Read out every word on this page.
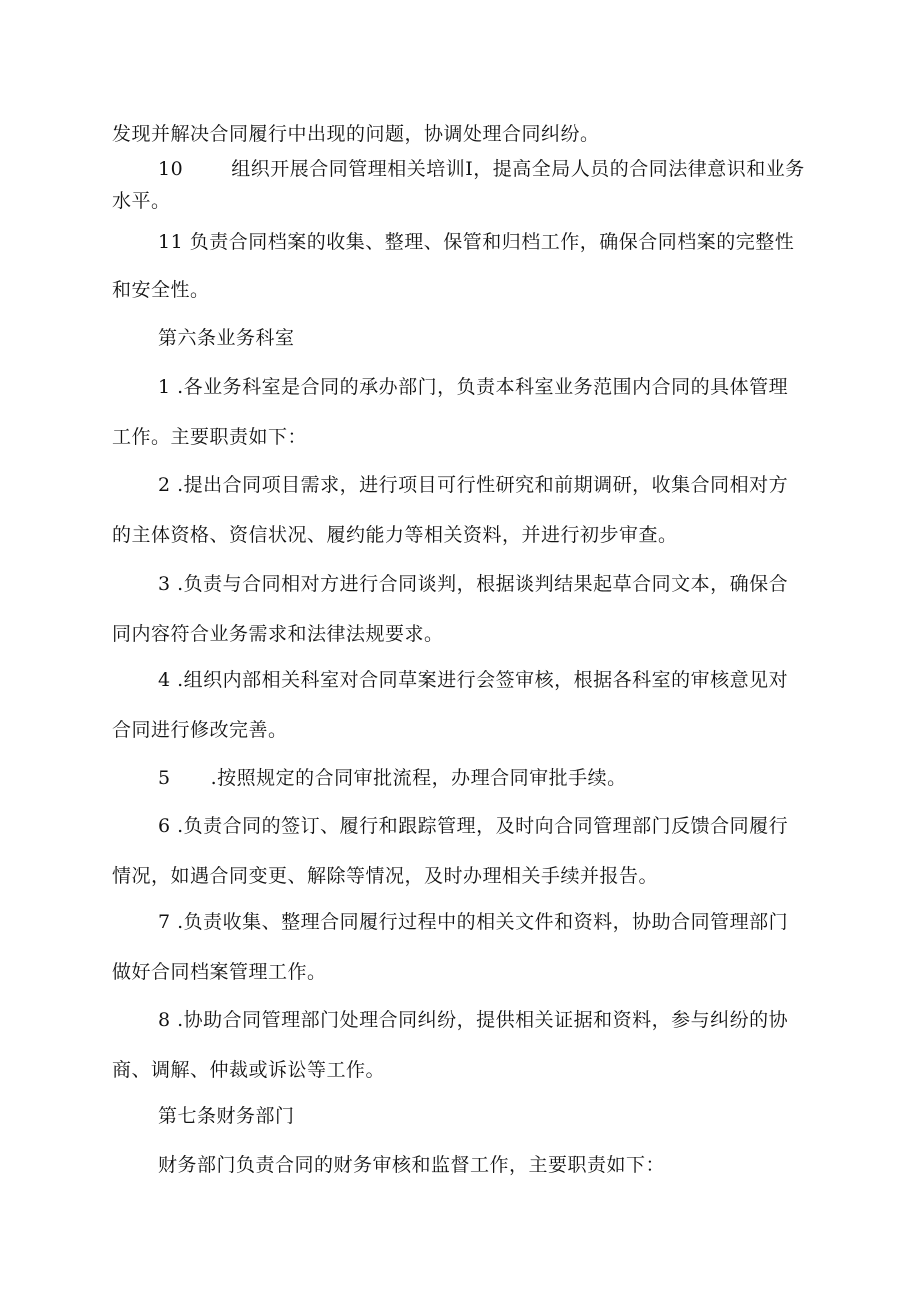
发现并解决合同履行中出现的问题，协调处理合同纠纷。

10	组织开展合同管理相关培训I，提高全局人员的合同法律意识和业务
水平。

11 负责合同档案的收集、整理、保管和归档工作，确保合同档案的完整性
和安全性。

第六条业务科室

1 .各业务科室是合同的承办部门，负责本科室业务范围内合同的具体管理
工作。主要职责如下：

2 .提出合同项目需求，进行项目可行性研究和前期调研，收集合同相对方
的主体资格、资信状况、履约能力等相关资料，并进行初步审查。

3 .负责与合同相对方进行合同谈判，根据谈判结果起草合同文本，确保合
同内容符合业务需求和法律法规要求。

4 .组织内部相关科室对合同草案进行会签审核，根据各科室的审核意见对
合同进行修改完善。

5 .按照规定的合同审批流程，办理合同审批手续。

6 .负责合同的签订、履行和跟踪管理，及时向合同管理部门反馈合同履行
情况，如遇合同变更、解除等情况，及时办理相关手续并报告。

7 .负责收集、整理合同履行过程中的相关文件和资料，协助合同管理部门
做好合同档案管理工作。

8 .协助合同管理部门处理合同纠纷，提供相关证据和资料，参与纠纷的协
商、调解、仲裁或诉讼等工作。

第七条财务部门

财务部门负责合同的财务审核和监督工作，主要职责如下：
